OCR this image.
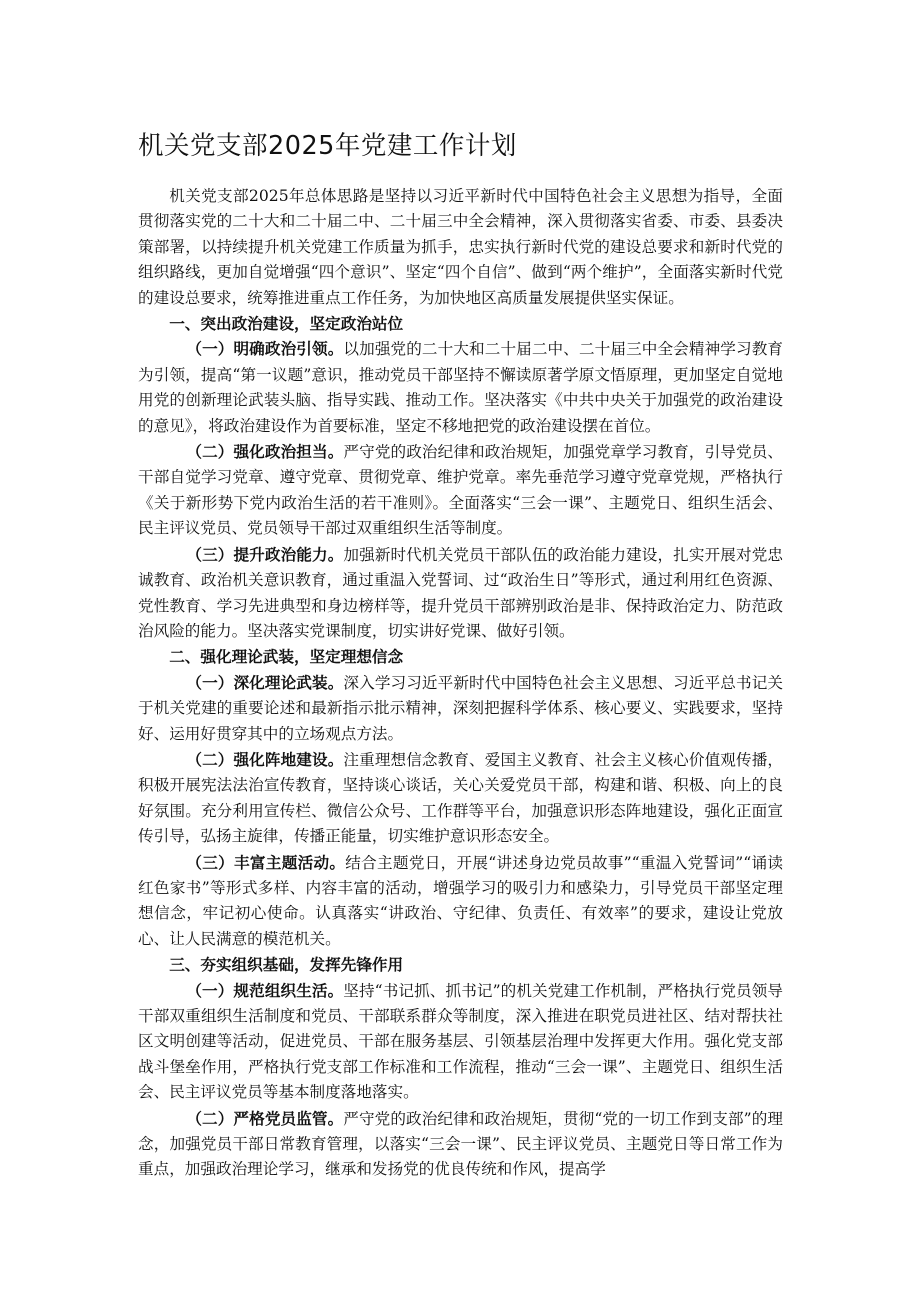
机关党支部2025年党建工作计划

机关党支部2025年总体思路是坚持以习近平新时代中国特色社会主义思想为指导，全面贯彻落实党的二十大和二十届二中、二十届三中全会精神，深入贯彻落实省委、市委、县委决策部署，以持续提升机关党建工作质量为抓手，忠实执行新时代党的建设总要求和新时代党的组织路线，更加自觉增强“四个意识”、坚定“四个自信”、做到“两个维护”，全面落实新时代党的建设总要求，统筹推进重点工作任务，为加快地区高质量发展提供坚实保证。

一、突出政治建设，坚定政治站位

（一）明确政治引领。以加强党的二十大和二十届二中、二十届三中全会精神学习教育为引领，提高“第一议题”意识，推动党员干部坚持不懈读原著学原文悟原理，更加坚定自觉地用党的创新理论武装头脑、指导实践、推动工作。坚决落实《中共中央关于加强党的政治建设的意见》，将政治建设作为首要标准，坚定不移地把党的政治建设摆在首位。

（二）强化政治担当。严守党的政治纪律和政治规矩，加强党章学习教育，引导党员、干部自觉学习党章、遵守党章、贯彻党章、维护党章。率先垂范学习遵守党章党规，严格执行《关于新形势下党内政治生活的若干准则》。全面落实“三会一课”、主题党日、组织生活会、民主评议党员、党员领导干部过双重组织生活等制度。

（三）提升政治能力。加强新时代机关党员干部队伍的政治能力建设，扎实开展对党忠诚教育、政治机关意识教育，通过重温入党誓词、过“政治生日”等形式，通过利用红色资源、党性教育、学习先进典型和身边榜样等，提升党员干部辨别政治是非、保持政治定力、防范政治风险的能力。坚决落实党课制度，切实讲好党课、做好引领。

二、强化理论武装，坚定理想信念

（一）深化理论武装。深入学习习近平新时代中国特色社会主义思想、习近平总书记关于机关党建的重要论述和最新指示批示精神，深刻把握科学体系、核心要义、实践要求，坚持好、运用好贯穿其中的立场观点方法。

（二）强化阵地建设。注重理想信念教育、爱国主义教育、社会主义核心价值观传播，积极开展宪法法治宣传教育，坚持谈心谈话，关心关爱党员干部，构建和谐、积极、向上的良好氛围。充分利用宣传栏、微信公众号、工作群等平台，加强意识形态阵地建设，强化正面宣传引导，弘扬主旋律，传播正能量，切实维护意识形态安全。

（三）丰富主题活动。结合主题党日，开展“讲述身边党员故事”“重温入党誓词”“诵读红色家书”等形式多样、内容丰富的活动，增强学习的吸引力和感染力，引导党员干部坚定理想信念，牢记初心使命。认真落实“讲政治、守纪律、负责任、有效率”的要求，建设让党放心、让人民满意的模范机关。

三、夯实组织基础，发挥先锋作用

（一）规范组织生活。坚持“书记抓、抓书记”的机关党建工作机制，严格执行党员领导干部双重组织生活制度和党员、干部联系群众等制度，深入推进在职党员进社区、结对帮扶社区文明创建等活动，促进党员、干部在服务基层、引领基层治理中发挥更大作用。强化党支部战斗堡垒作用，严格执行党支部工作标准和工作流程，推动“三会一课”、主题党日、组织生活会、民主评议党员等基本制度落地落实。

（二）严格党员监管。严守党的政治纪律和政治规矩，贯彻“党的一切工作到支部”的理念，加强党员干部日常教育管理，以落实“三会一课”、民主评议党员、主题党日等日常工作为重点，加强政治理论学习，继承和发扬党的优良传统和作风，提高学
